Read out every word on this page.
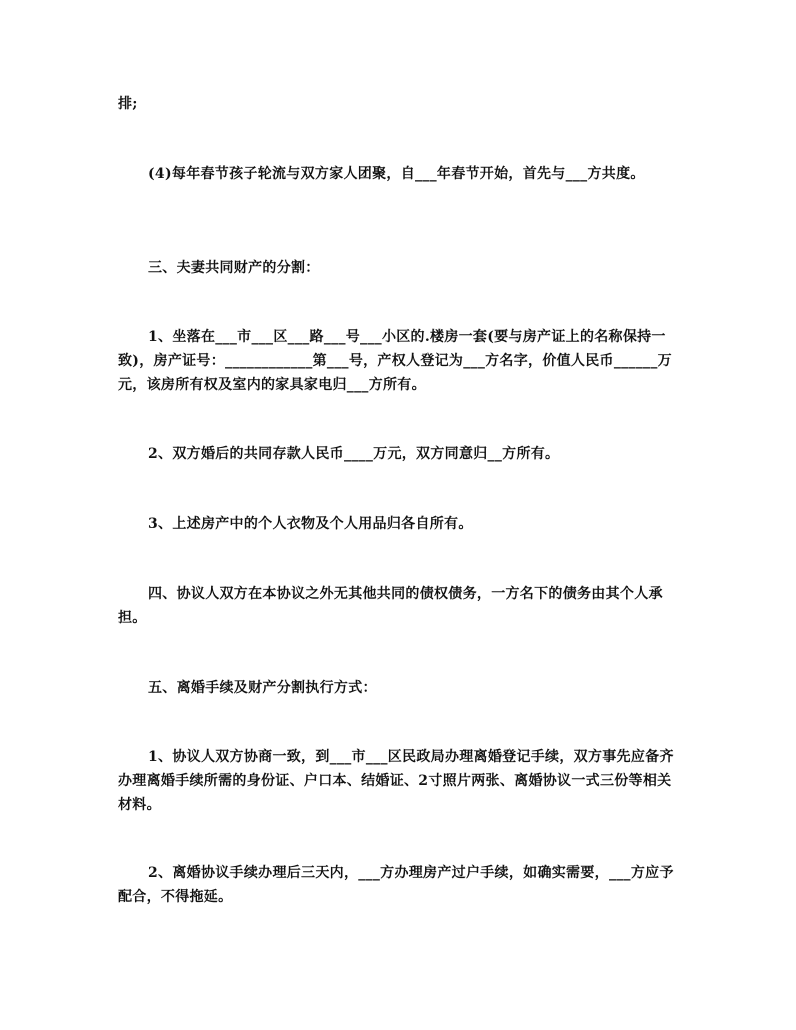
排;
(4)每年春节孩子轮流与双方家人团聚，自___年春节开始，首先与___方共度。
三、夫妻共同财产的分割：
1、坐落在___市___区___路___号___小区的.楼房一套(要与房产证上的名称保持一致)，房产证号：____________第___号，产权人登记为___方名字，价值人民币______万元，该房所有权及室内的家具家电归___方所有。
2、双方婚后的共同存款人民币____万元，双方同意归__方所有。
3、上述房产中的个人衣物及个人用品归各自所有。
四、协议人双方在本协议之外无其他共同的债权债务，一方名下的债务由其个人承担。
五、离婚手续及财产分割执行方式：
1、协议人双方协商一致，到___市___区民政局办理离婚登记手续，双方事先应备齐办理离婚手续所需的身份证、户口本、结婚证、2寸照片两张、离婚协议一式三份等相关材料。
2、离婚协议手续办理后三天内，___方办理房产过户手续，如确实需要，___方应予配合，不得拖延。
